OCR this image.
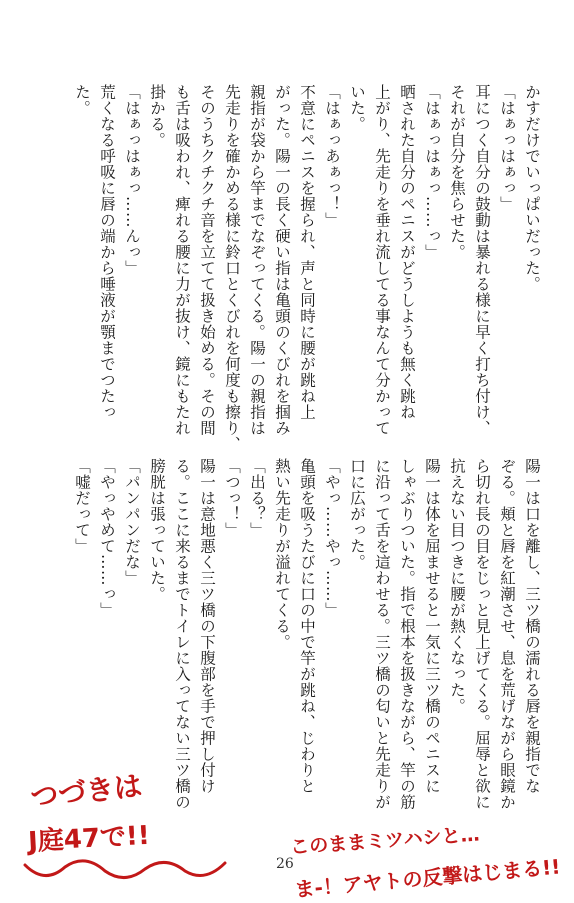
かすだけでいっぱいだった。
「はぁっはぁっ」
耳につく自分の鼓動は暴れる様に早く打ち付け、
それが自分を焦らせた。
「はぁっはぁっ……っ」
晒された自分のペニスがどうしようも無く跳ね
上がり、先走りを垂れ流してる事なんて分かって
いた。
「はぁっあぁっ！」
不意にペニスを握られ、声と同時に腰が跳ね上
がった。陽一の長く硬い指は亀頭のくびれを掴み
親指が袋から竿までなぞってくる。陽一の親指は
先走りを確かめる様に鈴口とくびれを何度も擦り、
そのうちクチクチ音を立てて扱き始める。その間
も舌は吸われ、痺れる腰に力が抜け、鏡にもたれ
掛かる。
「はぁっはぁっ……んっ」
荒くなる呼吸に唇の端から唾液が顎までつたっ
た。
陽一は口を離し、三ツ橋の濡れる唇を親指でな
ぞる。頬と唇を紅潮させ、息を荒げながら眼鏡か
ら切れ長の目をじっと見上げてくる。屈辱と欲に
抗えない目つきに腰が熱くなった。
陽一は体を屈ませると一気に三ツ橋のペニスに
しゃぶりついた。指で根本を扱きながら、竿の筋
に沿って舌を這わせる。三ツ橋の匂いと先走りが
口に広がった。
「やっ……やっ……」
亀頭を吸うたびに口の中で竿が跳ね、じわりと
熱い先走りが溢れてくる。
「出る？」
「つっ！」
陽一は意地悪く三ツ橋の下腹部を手で押し付け
る。ここに来るまでトイレに入ってない三ツ橋の
膀胱は張っていた。
「パンパンだな」
「やっやめて……っ」
「嘘だって」
26
つづきは
J庭47で!!	このままミツハシと…
ま-！アヤトの反撃はじまる!!
